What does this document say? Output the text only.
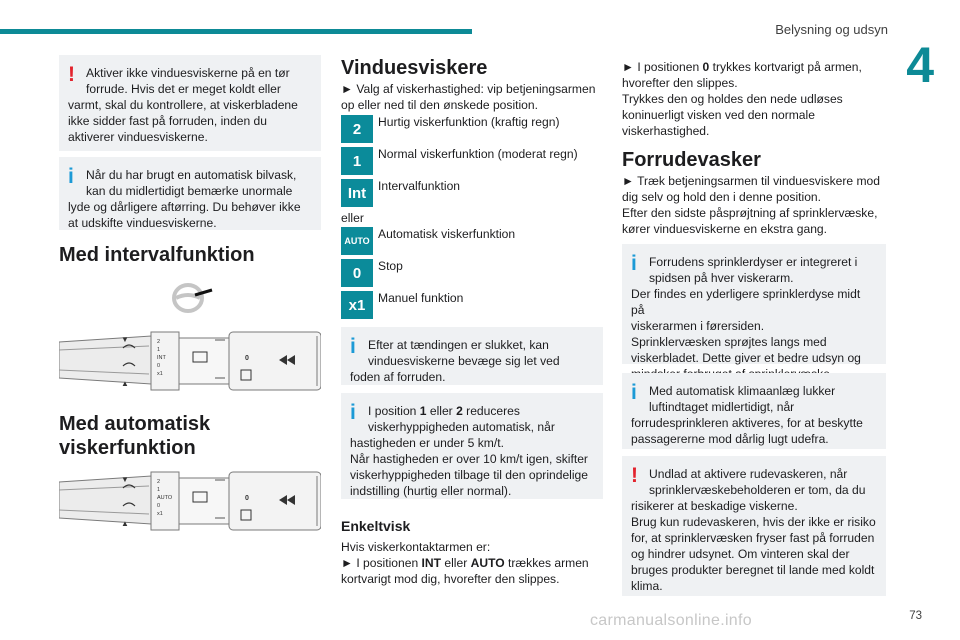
Belysning og udsyn
4
! Aktiver ikke vinduesviskerne på en tør

forrude. Hvis det er meget koldt eller

varmt, skal du kontrollere, at viskerbladene

ikke sidder fast på forruden, inden du

aktiverer vinduesviskerne.

i	Når du har brugt en automatisk bilvask,

kan du midlertidigt bemærke unormale

lyde og dårligere aftørring. Du behøver ikke

at udskifte vinduesviskerne.

Med intervalfunktion
▼
▲
2
1
INT
0
x1
0
Med automatisk
viskerfunktion
▼
▲
2
1
AUTO
0
x1
0
Vinduesviskere
► Valg af viskerhastighed: vip betjeningsarmen
op eller ned til den ønskede position.
2	Hurtig viskerfunktion (kraftig regn)
1	Normal viskerfunktion (moderat regn)
Int Intervalfunktion
eller
AUTO Automatisk viskerfunktion
0	Stop
x1	Manuel funktion
i	Efter at tændingen er slukket, kan

vinduesviskerne bevæge sig let ved

foden af forruden.

i	I position 1 eller 2 reduceres

viskerhyppigheden automatisk, når

hastigheden er under 5 km/t.

Når hastigheden er over 10 km/t igen, skifter

viskerhyppigheden tilbage til den oprindelige

indstilling (hurtig eller normal).

Enkeltvisk
Hvis viskerkontaktarmen er:
► I positionen INT eller AUTO trækkes armen
kortvarigt mod dig, hvorefter den slippes.
► I positionen 0 trykkes kortvarigt på armen,
hvorefter den slippes.
Trykkes den og holdes den nede udløses
koninuerligt visken ved den normale
viskerhastighed.
Forrudevasker
► Træk betjeningsarmen til vinduesviskere mod
dig selv og hold den i denne position.
Efter den sidste påsprøjtning af sprinklervæske,
kører vinduesviskerne en ekstra gang.
i	Forrudens sprinklerdyser er integreret i

spidsen på hver viskerarm.

Der findes en yderligere sprinklerdyse midt på

viskerarmen i førersiden.

Sprinklervæsken sprøjtes langs med

viskerbladet. Dette giver et bedre udsyn og

i	Med automatisk klimaanlæg lukker

luftindtaget midlertidigt, når

forrudesprinkleren aktiveres, for at beskytte

passagererne mod dårlig lugt udefra.

! Undlad at aktivere rudevaskeren, når

sprinklervæskebeholderen er tom, da du

risikerer at beskadige viskerne.

Brug kun rudevaskeren, hvis der ikke er risiko

for, at sprinklervæsken fryser fast på forruden

og hindrer udsynet. Om vinteren skal der

bruges produkter beregnet til lande med koldt

klima.

carmanualsonline.info	73
